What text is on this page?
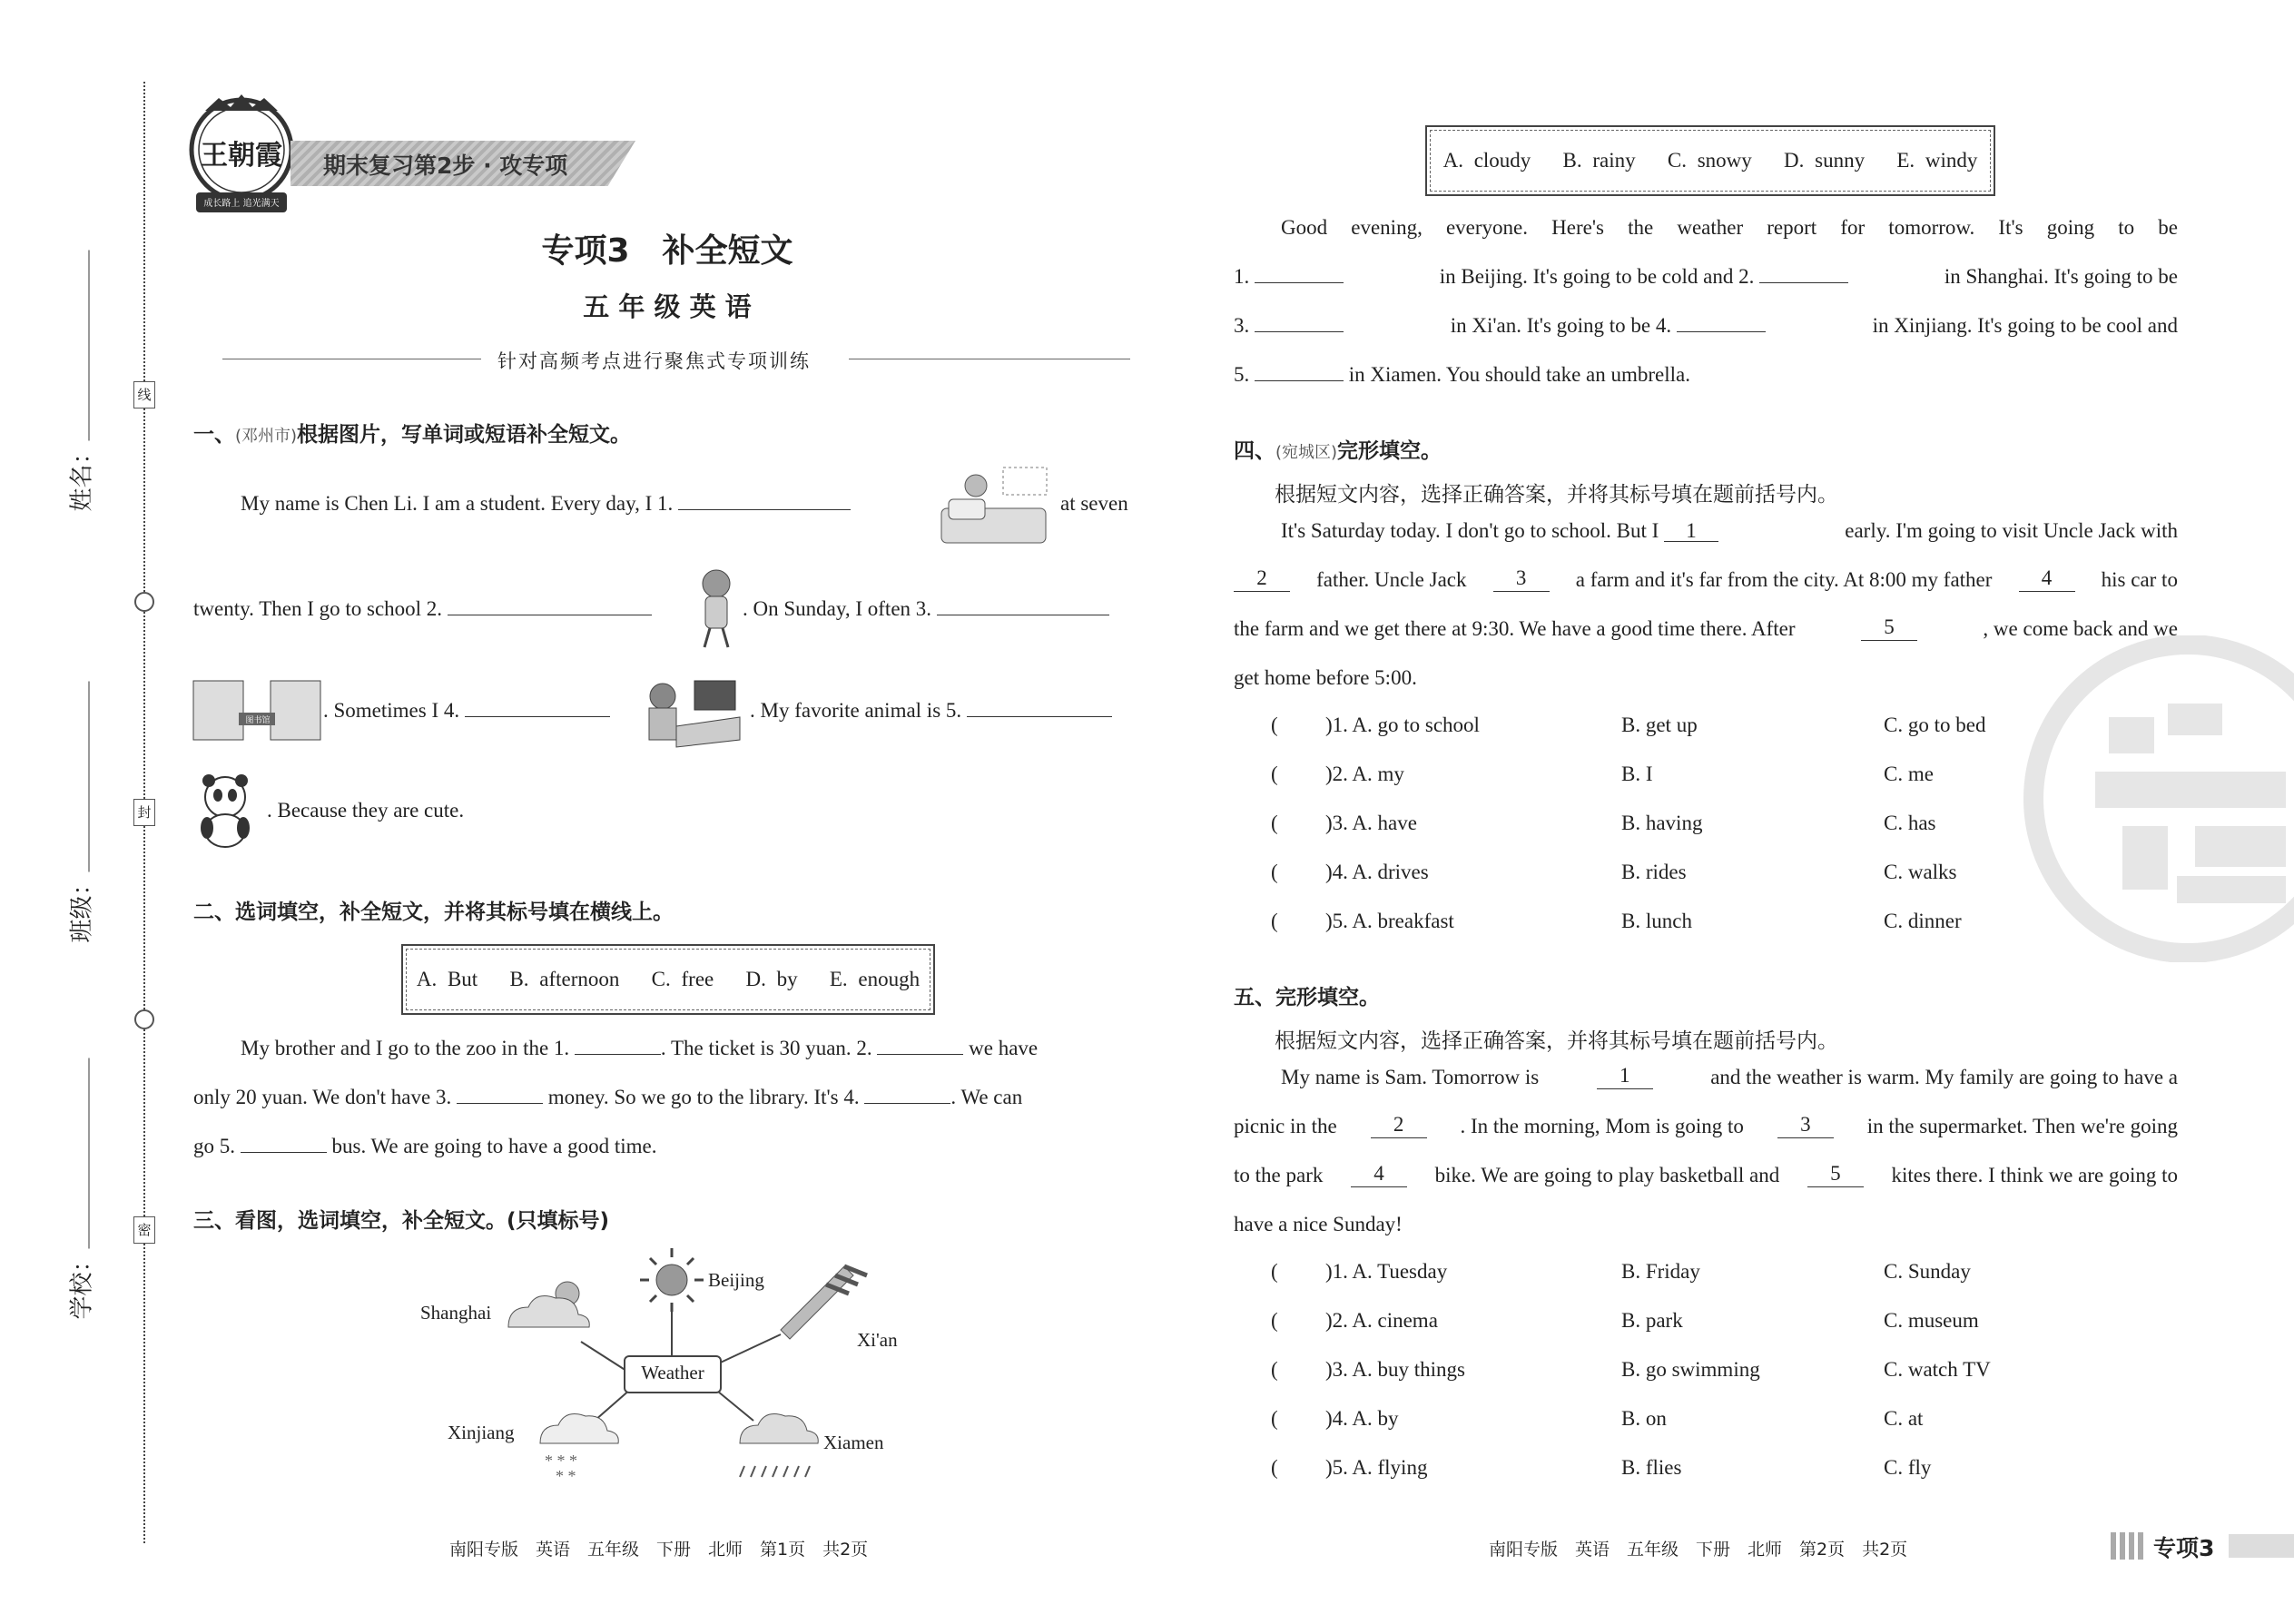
姓名：
班级：
学校：
线
封
密
王朝霞
成长路上 追光满天
期末复习第2步 · 攻专项
专项3　补全短文
五 年 级 英 语
针对高频考点进行聚焦式专项训练
一、(邓州市)根据图片，写单词或短语补全短文。
My name is Chen Li. I am a student. Every day, I 1.	at seven
twenty. Then I go to school 2.	. On Sunday, I often 3.
图书馆	. Sometimes I 4.	. My favorite animal is 5.
. Because they are cute.
二、选词填空，补全短文，并将其标号填在横线上。
A. But   B. afternoon   C. free   D. by   E. enough
My brother and I go to the zoo in the 1.	. The ticket is 30 yuan. 2.	we have
only 20 yuan. We don't have 3.	money. So we go to the library. It's 4.	. We can
go 5.	bus. We are going to have a good time.
三、看图，选词填空，补全短文。(只填标号)
* * *
* *
Weather
Shanghai
Beijing
Xi'an
Xinjiang	Xiamen
南阳专版　英语　五年级　下册　北师　第1页　共2页	南阳专版　英语　五年级　下册　北师　第2页　共2页	专项3
A. cloudy   B. rainy   C. snowy   D. sunny   E. windy
Good evening, everyone. Here's the weather report for tomorrow. It's going to be
1.	in Beijing. It's going to be cold and 2.	in Shanghai. It's going to be
3.	in Xi'an. It's going to be 4.	in Xinjiang. It's going to be cool and
5.	in Xiamen. You should take an umbrella.
四、(宛城区)完形填空。
根据短文内容，选择正确答案，并将其标号填在题前括号内。
It's Saturday today. I don't go to school. But I 1	early. I'm going to visit Uncle Jack with
2	father. Uncle Jack	3	a farm and it's far from the city. At 8:00 my father	4	his car to
the farm and we get there at 9:30. We have a good time there. After	5	, we come back and we
get home before 5:00.
( )1. A. go to school	B. get up	C. go to bed
( )2. A. my	B. I	C. me
( )3. A. have	B. having	C. has
( )4. A. drives	B. rides	C. walks
( )5. A. breakfast	B. lunch	C. dinner
五、完形填空。
根据短文内容，选择正确答案，并将其标号填在题前括号内。
My name is Sam. Tomorrow is	1	and the weather is warm. My family are going to have a
picnic in the	2	. In the morning, Mom is going to	3	in the supermarket. Then we're going
to the park	4	bike. We are going to play basketball and	5	kites there. I think we are going to
have a nice Sunday!
( )1. A. Tuesday	B. Friday	C. Sunday
( )2. A. cinema	B. park	C. museum
( )3. A. buy things	B. go swimming	C. watch TV
( )4. A. by	B. on	C. at
( )5. A. flying	B. flies	C. fly
